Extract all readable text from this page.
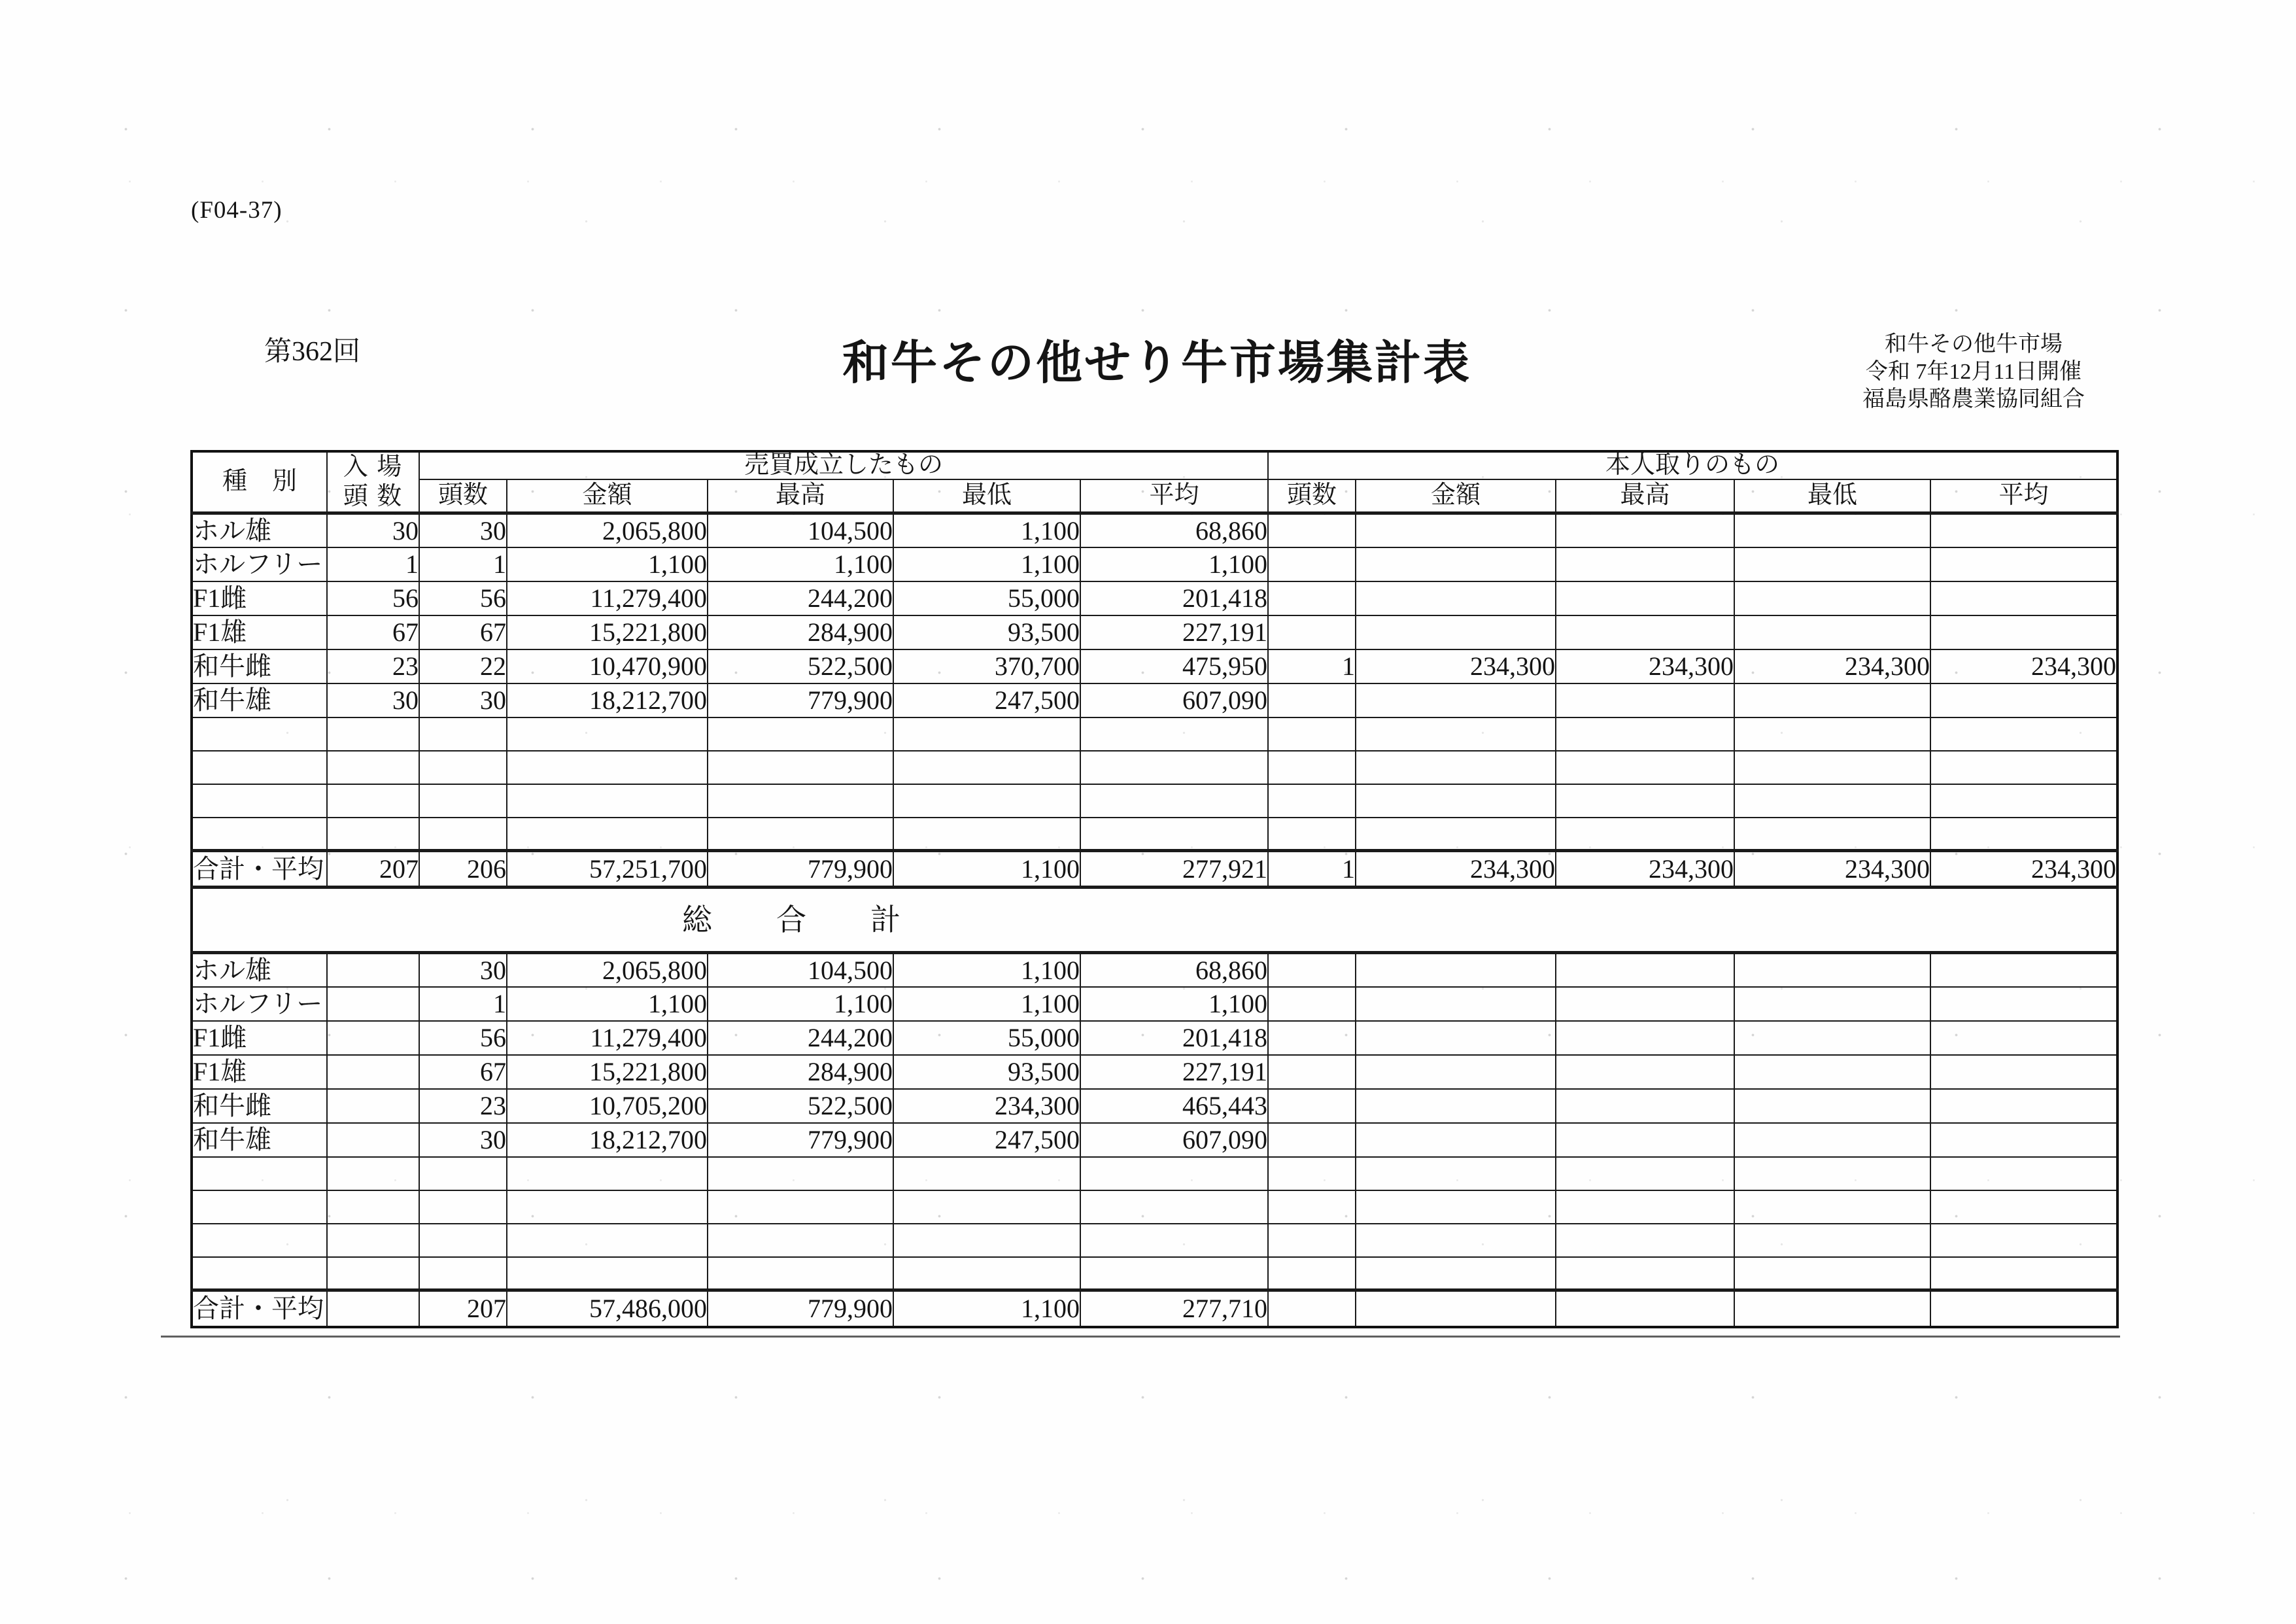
(F04-37)
第362回	和牛その他せり牛市場集計表	和牛その他牛市場
令和 7年12月11日開催
福島県酪農業協同組合
種　別	入 場
頭 数	売買成立したもの					本人取りのもの				
		頭数	金額	最高	最低	平均	頭数	金額	最高	最低	平均
ホル雄	30	30	2,065,800	104,500	1,100	68,860					
ホルフリー	1	1	1,100	1,100	1,100	1,100					
F1雌	56	56	11,279,400	244,200	55,000	201,418					
F1雄	67	67	15,221,800	284,900	93,500	227,191					
和牛雌	23	22	10,470,900	522,500	370,700	475,950	1	234,300	234,300	234,300	234,300
和牛雄	30	30	18,212,700	779,900	247,500	607,090					

合計・平均	207	206	57,251,700	779,900	1,100	277,921	1	234,300	234,300	234,300	234,300
総　合　計											
ホル雄		30	2,065,800	104,500	1,100	68,860					
ホルフリー		1	1,100	1,100	1,100	1,100					
F1雌		56	11,279,400	244,200	55,000	201,418					
F1雄		67	15,221,800	284,900	93,500	227,191					
和牛雌		23	10,705,200	522,500	234,300	465,443					
和牛雄		30	18,212,700	779,900	247,500	607,090					

合計・平均		207	57,486,000	779,900	1,100	277,710					
